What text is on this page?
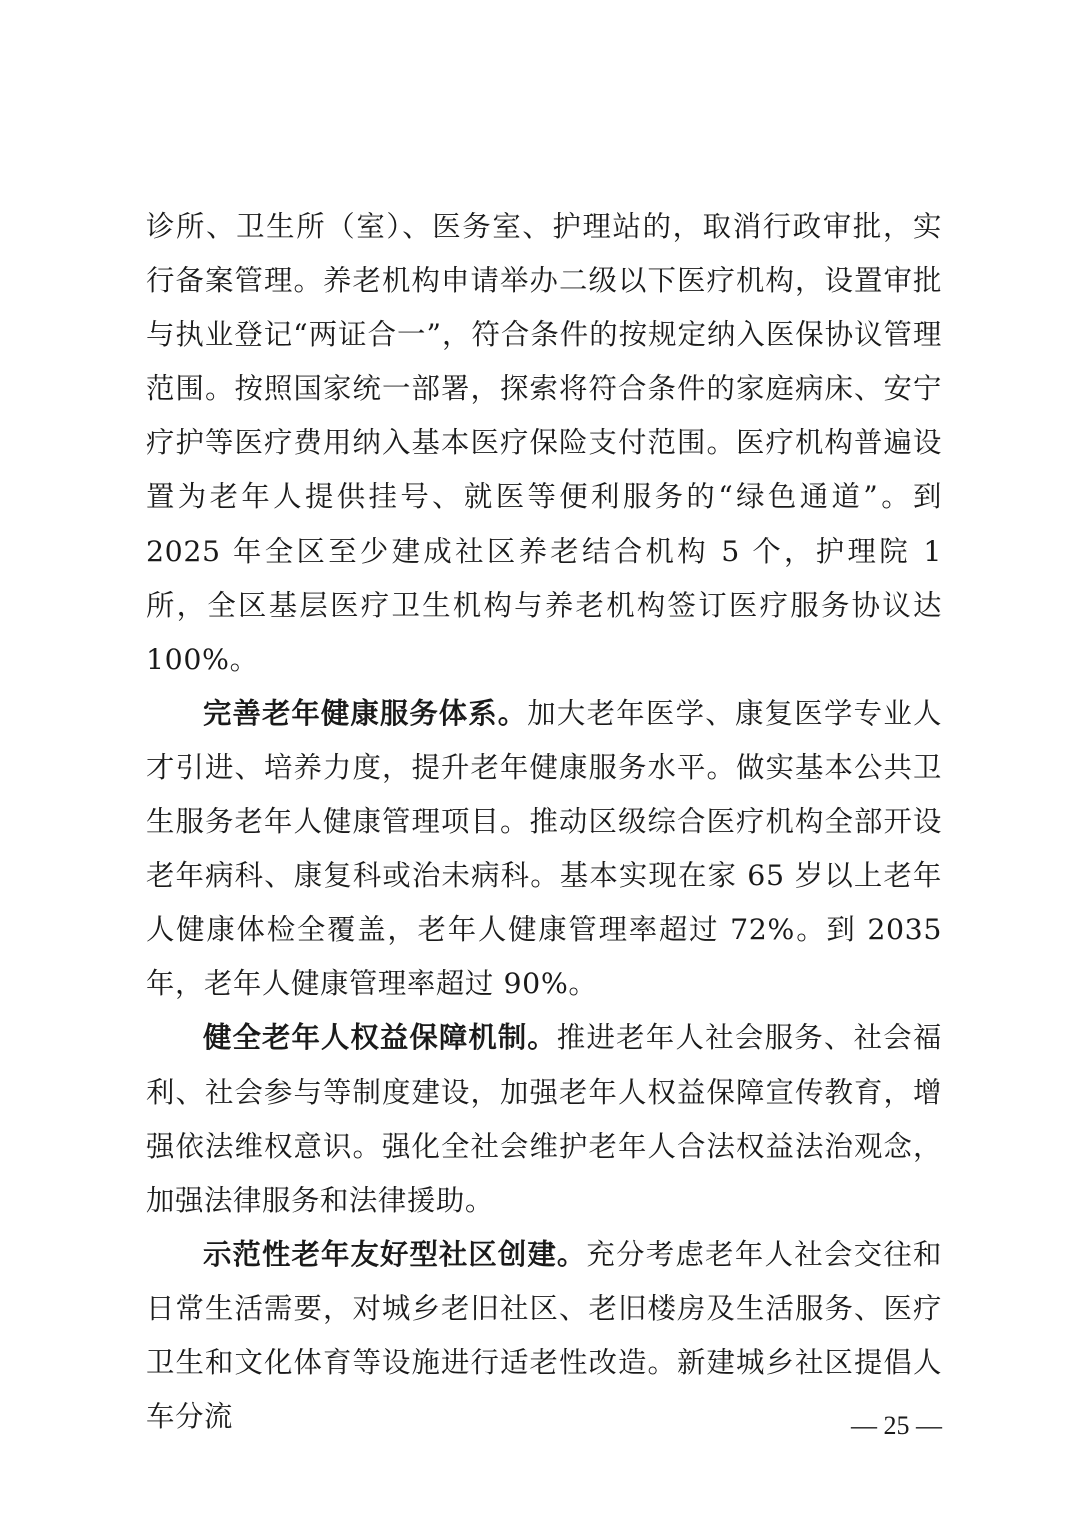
诊所、卫生所（室）、医务室、护理站的，取消行政审批，实行备案管理。养老机构申请举办二级以下医疗机构，设置审批与执业登记“两证合一”，符合条件的按规定纳入医保协议管理范围。按照国家统一部署，探索将符合条件的家庭病床、安宁疗护等医疗费用纳入基本医疗保险支付范围。医疗机构普遍设置为老年人提供挂号、就医等便利服务的“绿色通道”。到 2025 年全区至少建成社区养老结合机构 5 个，护理院 1 所，全区基层医疗卫生机构与养老机构签订医疗服务协议达 100%。

完善老年健康服务体系。加大老年医学、康复医学专业人才引进、培养力度，提升老年健康服务水平。做实基本公共卫生服务老年人健康管理项目。推动区级综合医疗机构全部开设老年病科、康复科或治未病科。基本实现在家 65 岁以上老年人健康体检全覆盖，老年人健康管理率超过 72%。到 2035 年，老年人健康管理率超过 90%。

健全老年人权益保障机制。推进老年人社会服务、社会福利、社会参与等制度建设，加强老年人权益保障宣传教育，增强依法维权意识。强化全社会维护老年人合法权益法治观念，加强法律服务和法律援助。

示范性老年友好型社区创建。充分考虑老年人社会交往和日常生活需要，对城乡老旧社区、老旧楼房及生活服务、医疗卫生和文化体育等设施进行适老性改造。新建城乡社区提倡人车分流	— 25 —
